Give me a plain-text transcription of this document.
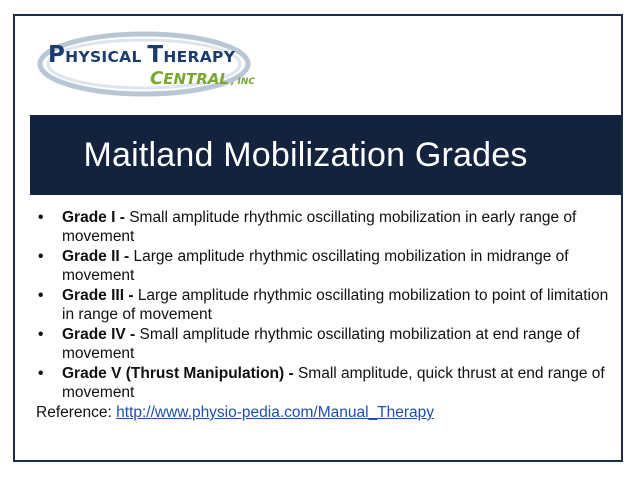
PHYSICAL THERAPY
CENTRAL , INC
Maitland Mobilization Grades
• Grade I - Small amplitude rhythmic oscillating mobilization in early range of movement
• Grade II - Large amplitude rhythmic oscillating mobilization in midrange of movement
• Grade III - Large amplitude rhythmic oscillating mobilization to point of limitation in range of movement
• Grade IV - Small amplitude rhythmic oscillating mobilization at end range of movement
• Grade V (Thrust Manipulation) - Small amplitude, quick thrust at end range of movement
Reference: http://www.physio-pedia.com/Manual_Therapy
